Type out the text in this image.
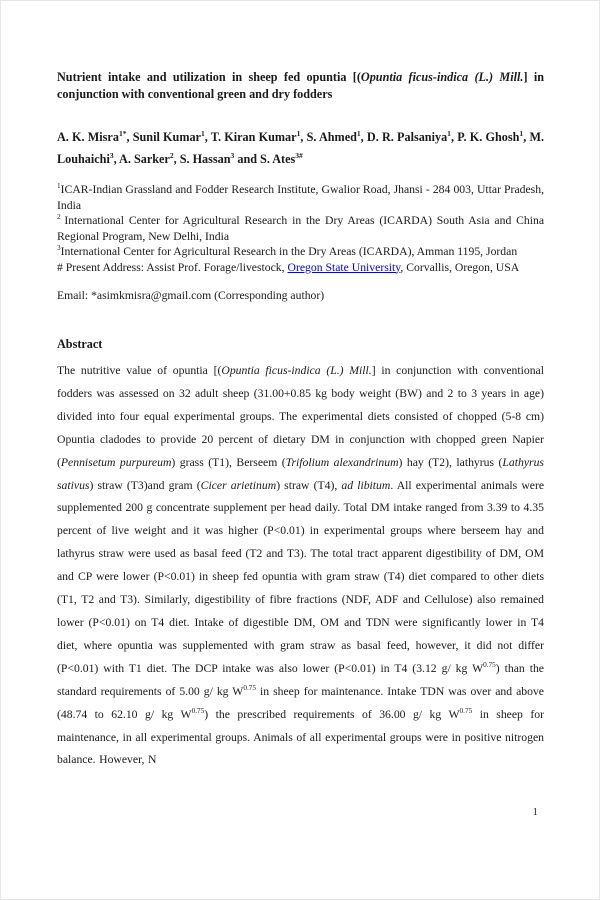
Nutrient intake and utilization in sheep fed opuntia [(Opuntia ficus-indica (L.) Mill.] in conjunction with conventional green and dry fodders

A. K. Misra$^{1*}$, Sunil Kumar$^1$, T. Kiran Kumar$^1$, S. Ahmed$^1$, D. R. Palsaniya$^1$, P. K. Ghosh$^1$, M. Louhaichi$^3$, A. Sarker$^2$, S. Hassan$^3$ and S. Ates$^{3\#}$

$^1$ICAR-Indian Grassland and Fodder Research Institute, Gwalior Road, Jhansi - 284 003, Uttar Pradesh, India

$^2$ International Center for Agricultural Research in the Dry Areas (ICARDA) South Asia and China Regional Program, New Delhi, India

$^3$International Center for Agricultural Research in the Dry Areas (ICARDA), Amman 1195, Jordan

# Present Address: Assist Prof. Forage/livestock, Oregon State University, Corvallis, Oregon, USA

Email: *asimkmisra@gmail.com (Corresponding author)

Abstract

The nutritive value of opuntia [(Opuntia ficus-indica (L.) Mill.] in conjunction with conventional fodders was assessed on 32 adult sheep (31.00+0.85 kg body weight (BW) and 2 to 3 years in age) divided into four equal experimental groups. The experimental diets consisted of chopped (5-8 cm) Opuntia cladodes to provide 20 percent of dietary DM in conjunction with chopped green Napier (Pennisetum purpureum) grass (T1), Berseem (Trifolium alexandrinum) hay (T2), lathyrus (Lathyrus sativus) straw (T3)and gram (Cicer arietinum) straw (T4), ad libitum. All experimental animals were supplemented 200 g concentrate supplement per head daily. Total DM intake ranged from 3.39 to 4.35 percent of live weight and it was higher (P<0.01) in experimental groups where berseem hay and lathyrus straw were used as basal feed (T2 and T3). The total tract apparent digestibility of DM, OM and CP were lower (P<0.01) in sheep fed opuntia with gram straw (T4) diet compared to other diets (T1, T2 and T3). Similarly, digestibility of fibre fractions (NDF, ADF and Cellulose) also remained lower (P<0.01) on T4 diet. Intake of digestible DM, OM and TDN were significantly lower in T4 diet, where opuntia was supplemented with gram straw as basal feed, however, it did not differ (P<0.01) with T1 diet. The DCP intake was also lower (P<0.01) in T4 (3.12 g/ kg $W^{0.75}$) than the standard requirements of 5.00 g/ kg $W^{0.75}$ in sheep for maintenance. Intake TDN was over and above (48.74 to 62.10 g/ kg $W^{0.75}$) the prescribed requirements of 36.00 g/ kg $W^{0.75}$ in sheep for maintenance, in all experimental groups. Animals of all experimental groups were in positive nitrogen balance. However, N

1
